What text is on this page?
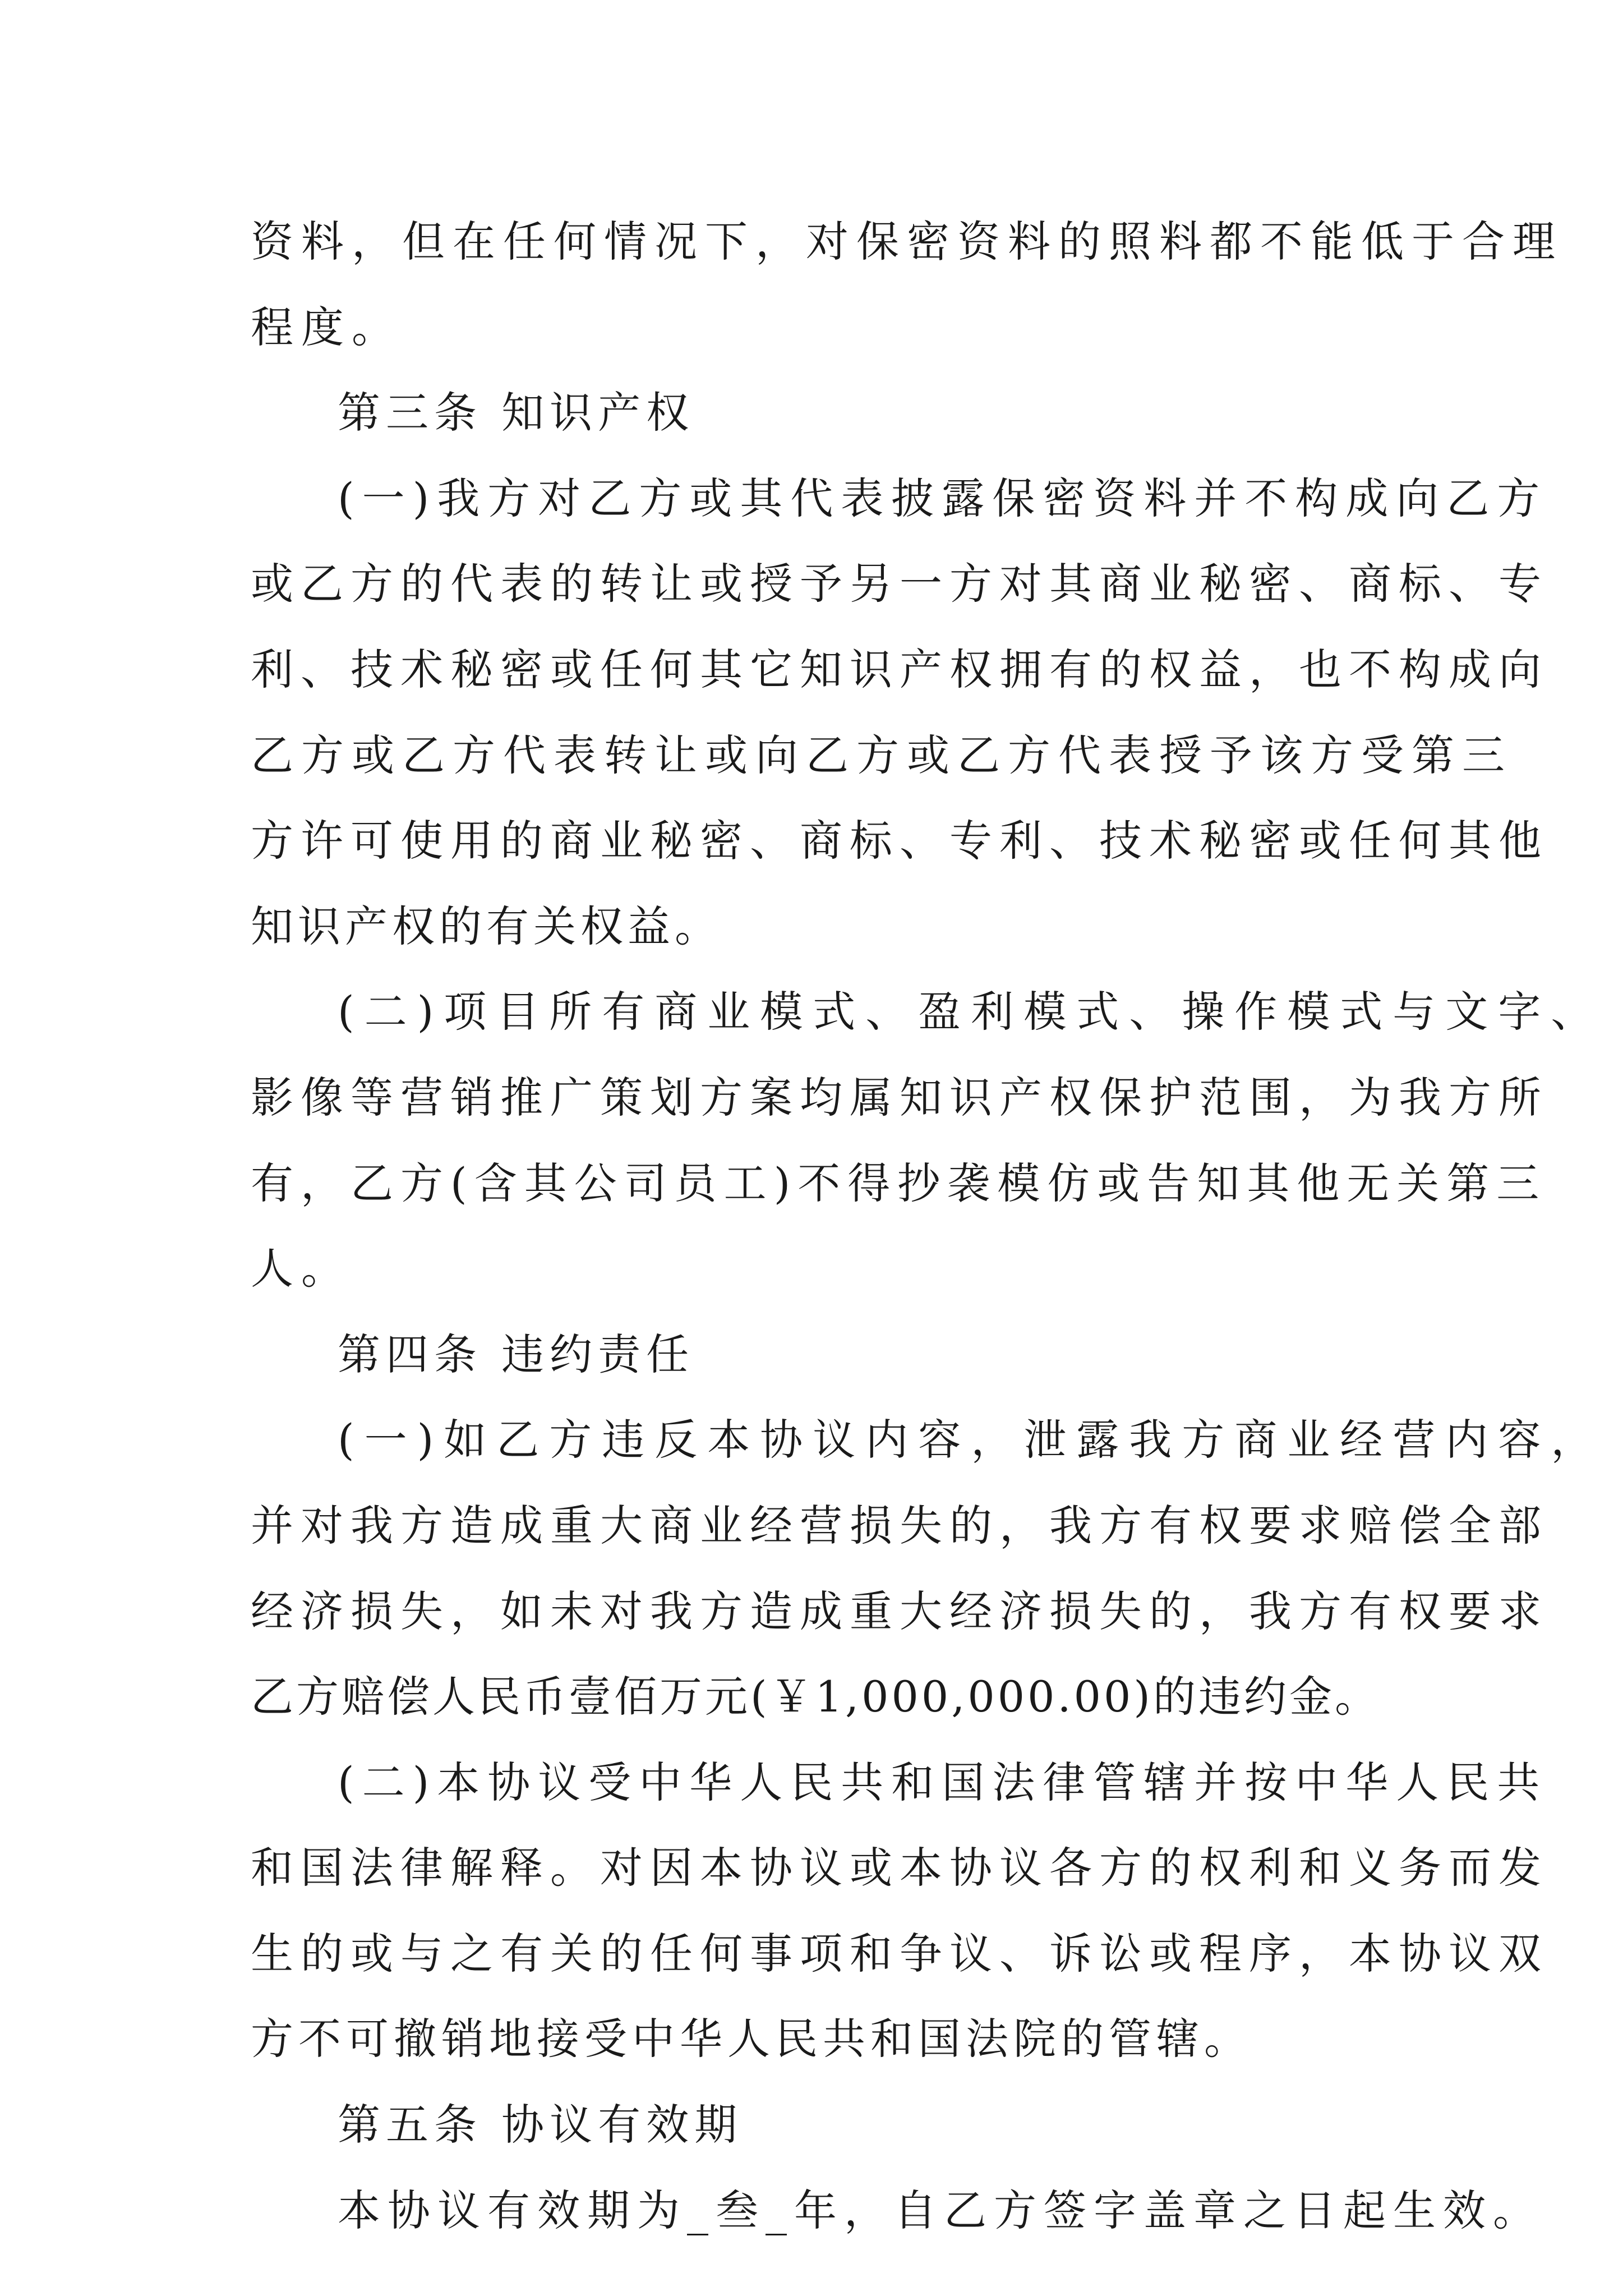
资料，但在任何情况下，对保密资料的照料都不能低于合理
程度。
第三条 知识产权
(一)我方对乙方或其代表披露保密资料并不构成向乙方
或乙方的代表的转让或授予另一方对其商业秘密、商标、专
利、技术秘密或任何其它知识产权拥有的权益，也不构成向
乙方或乙方代表转让或向乙方或乙方代表授予该方受第三
方许可使用的商业秘密、商标、专利、技术秘密或任何其他
知识产权的有关权益。
(二)项目所有商业模式、盈利模式、操作模式与文字、
影像等营销推广策划方案均属知识产权保护范围，为我方所
有，乙方(含其公司员工)不得抄袭模仿或告知其他无关第三
人。
第四条 违约责任
(一)如乙方违反本协议内容，泄露我方商业经营内容，
并对我方造成重大商业经营损失的，我方有权要求赔偿全部
经济损失，如未对我方造成重大经济损失的，我方有权要求
乙方赔偿人民币壹佰万元(￥1,000,000.00)的违约金。
(二)本协议受中华人民共和国法律管辖并按中华人民共
和国法律解释。对因本协议或本协议各方的权利和义务而发
生的或与之有关的任何事项和争议、诉讼或程序，本协议双
方不可撤销地接受中华人民共和国法院的管辖。
第五条 协议有效期
本协议有效期为_叁_年，自乙方签字盖章之日起生效。
